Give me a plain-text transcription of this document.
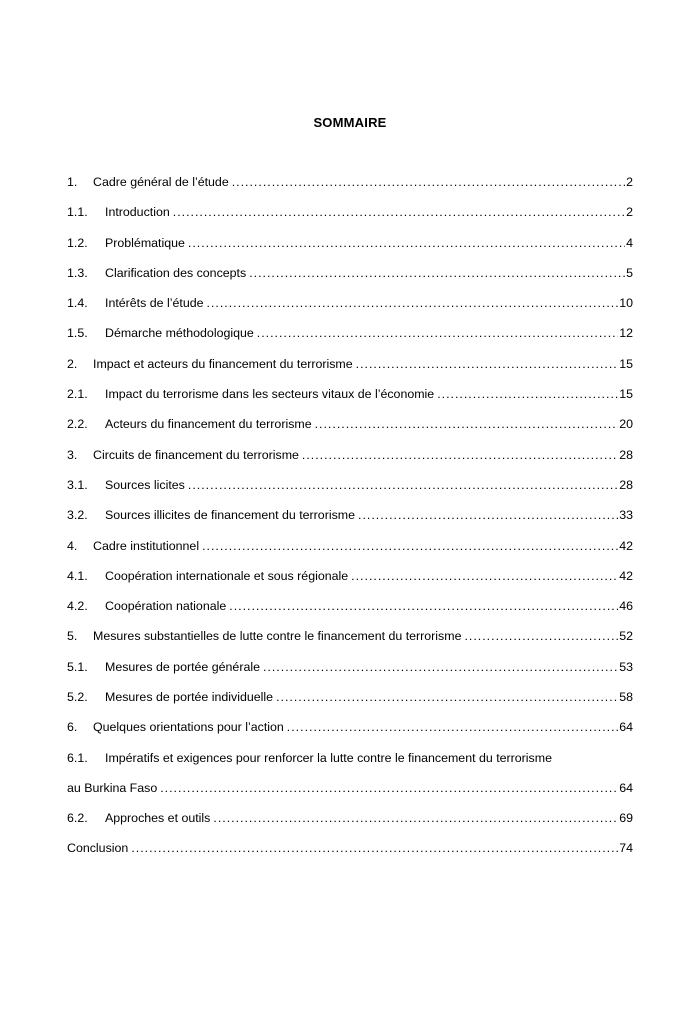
SOMMAIRE
1.	Cadre général de l’étude .....	2
1.1.	Introduction .....	2
1.2.	Problématique .....	4
1.3.	Clarification des concepts .....	5
1.4.	Intérêts de l’étude .....	10
1.5.	Démarche méthodologique .....	12
2.	Impact et acteurs du financement du terrorisme .....	15
2.1.	Impact du terrorisme dans les secteurs vitaux de l’économie .....	15
2.2.	Acteurs du financement du terrorisme .....	20
3.	Circuits de financement du terrorisme .....	28
3.1.	Sources licites .....	28
3.2.	Sources illicites de financement du terrorisme .....	33
4.	Cadre institutionnel .....	42
4.1.	Coopération internationale et sous régionale .....	42
4.2.	Coopération nationale .....	46
5.	Mesures substantielles de lutte contre le financement du terrorisme .....	52
5.1.	Mesures de portée générale .....	53
5.2.	Mesures de portée individuelle .....	58
6.	Quelques orientations pour l’action .....	64
6.1. Impératifs et exigences pour renforcer la lutte contre le financement du terrorisme
au Burkina Faso .....	64
6.2.	Approches et outils .....	69
Conclusion .....	74
